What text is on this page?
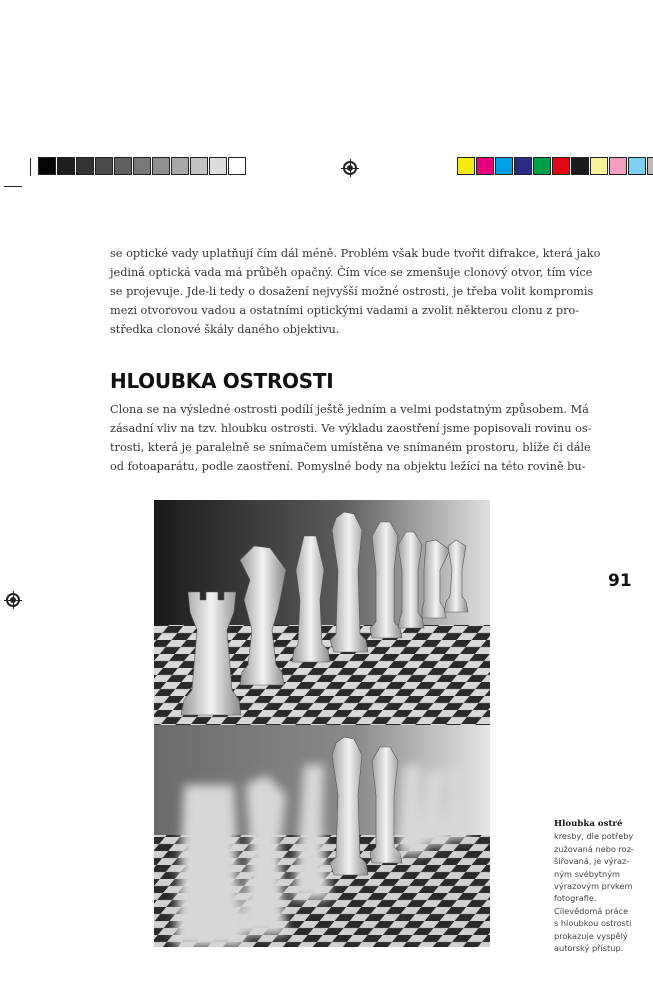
se optické vady uplatňují čím dál méně. Problém však bude tvořit difrakce, která jako
jediná optická vada má průběh opačný. Čím více se zmenšuje clonový otvor, tím více
se projevuje. Jde-li tedy o dosažení nejvyšší možné ostrosti, je třeba volit kompromis
mezi otvorovou vadou a ostatními optickými vadami a zvolit některou clonu z pro-
středka clonové škály daného objektivu.
HLOUBKA OSTROSTI
Clona se na výsledné ostrosti podílí ještě jedním a velmi podstatným způsobem. Má
zásadní vliv na tzv. hloubku ostrosti. Ve výkladu zaostření jsme popisovali rovinu os-
trosti, která je paralelně se snímačem umístěna ve snímaném prostoru, blíže či dále
od fotoaparátu, podle zaostření. Pomyslné body na objektu ležící na této rovině bu-
91
Hloubka ostré
kresby, dle potřeby
zužovaná nebo roz-
šiřovaná, je výraz-
ným svébytným
výrazovým prvkem
fotografie.
Cílevědomá práce
s hloubkou ostrosti
prokazuje vyspělý
autorský přístup.
